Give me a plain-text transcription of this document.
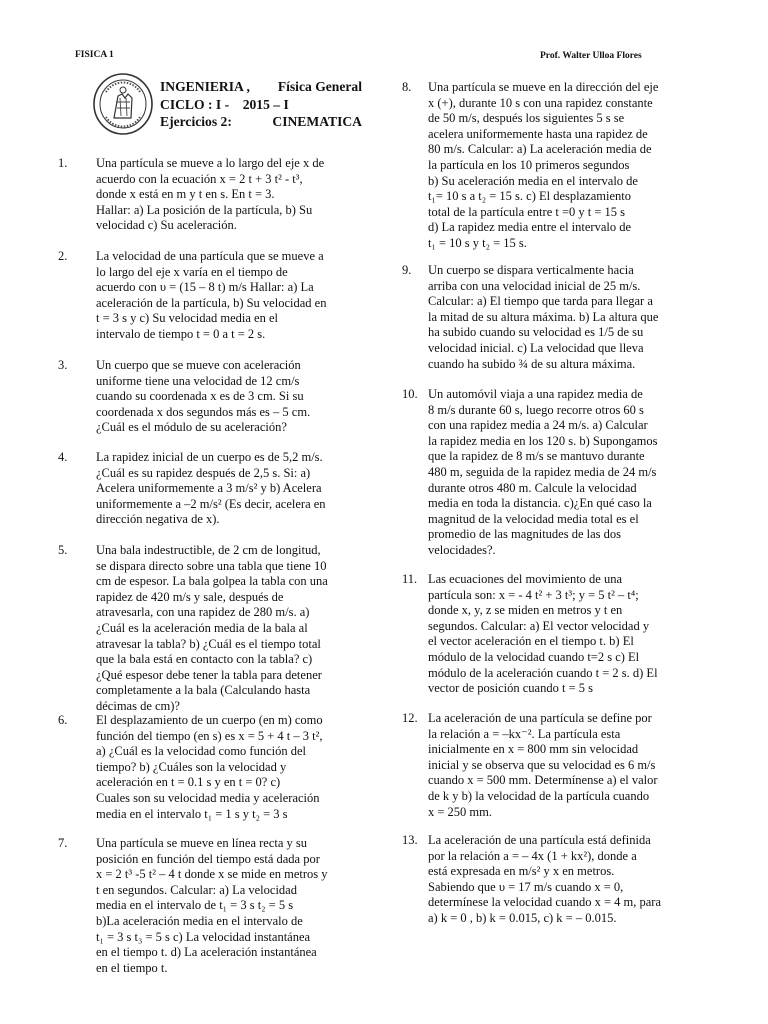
FISICA 1	Prof. Walter Ulloa Flores
INGENIERIA , Física General
CICLO : I -    2015 – I
Ejercicios 2:	CINEMATICA
1. Una partícula se mueve a lo largo del eje x de
acuerdo con la ecuación x = 2 t + 3 t² - t³,
donde x está en m y t en s. En t = 3.
Hallar: a) La posición de la partícula, b) Su
velocidad c) Su aceleración.
2. La velocidad de una partícula que se mueve a
lo largo del eje x varía en el tiempo de
acuerdo con υ = (15 – 8 t) m/s Hallar: a) La
aceleración de la partícula, b) Su velocidad en
t = 3 s y c) Su velocidad media en el
intervalo de tiempo t = 0 a t = 2 s.
3. Un cuerpo que se mueve con aceleración
uniforme tiene una velocidad de 12 cm/s
cuando su coordenada x es de 3 cm. Si su
coordenada x dos segundos más es – 5 cm.
¿Cuál es el módulo de su aceleración?
4. La rapidez inicial de un cuerpo es de 5,2 m/s.
¿Cuál es su rapidez después de 2,5 s. Si: a)
Acelera uniformemente a 3 m/s² y b) Acelera
uniformemente a –2 m/s² (Es decir, acelera en
dirección negativa de x).
5. Una bala indestructible, de 2 cm de longitud,
se dispara directo sobre una tabla que tiene 10
cm de espesor. La bala golpea la tabla con una
rapidez de 420 m/s y sale, después de
atravesarla, con una rapidez de 280 m/s. a)
¿Cuál es la aceleración media de la bala al
atravesar la tabla? b) ¿Cuál es el tiempo total
que la bala está en contacto con la tabla? c)
¿Qué espesor debe tener la tabla para detener
completamente a la bala (Calculando hasta
décimas de cm)?
6. El desplazamiento de un cuerpo (en m) como
función del tiempo (en s) es x = 5 + 4 t – 3 t²,
a) ¿Cuál es la velocidad como función del
tiempo? b) ¿Cuáles son la velocidad y
aceleración en t = 0.1 s y en t = 0? c)
Cuales son su velocidad media y aceleración
media en el intervalo t₁ = 1 s y t₂ = 3 s
7. Una partícula se mueve en línea recta y su
posición en función del tiempo está dada por
x = 2 t³ -5 t² – 4 t donde x se mide en metros y
t en segundos. Calcular: a) La velocidad
media en el intervalo de t₁ = 3 s t₂ = 5 s
b)La aceleración media en el intervalo de
t₁ = 3 s t₃ = 5 s c) La velocidad instantánea
en el tiempo t. d) La aceleración instantánea
en el tiempo t.
8. Una partícula se mueve en la dirección del eje
x (+), durante 10 s con una rapidez constante
de 50 m/s, después los siguientes 5 s se
acelera uniformemente hasta una rapidez de
80 m/s. Calcular: a) La aceleración media de
la partícula en los 10 primeros segundos
b) Su aceleración media en el intervalo de
t₁= 10 s a t₂ = 15 s. c) El desplazamiento
total de la partícula entre t =0 y t = 15 s
d) La rapidez media entre el intervalo de
t₁ = 10 s y t₂ = 15 s.
9. Un cuerpo se dispara verticalmente hacia
arriba con una velocidad inicial de 25 m/s.
Calcular: a) El tiempo que tarda para llegar a
la mitad de su altura máxima. b) La altura que
ha subido cuando su velocidad es 1/5 de su
velocidad inicial. c) La velocidad que lleva
cuando ha subido ¾ de su altura máxima.
10. Un automóvil viaja a una rapidez media de
8 m/s durante 60 s, luego recorre otros 60 s
con una rapidez media a 24 m/s. a) Calcular
la rapidez media en los 120 s. b) Supongamos
que la rapidez de 8 m/s se mantuvo durante
480 m, seguida de la rapidez media de 24 m/s
durante otros 480 m. Calcule la velocidad
media en toda la distancia. c)¿En qué caso la
magnitud de la velocidad media total es el
promedio de las magnitudes de las dos
velocidades?.
11. Las ecuaciones del movimiento de una
partícula son: x = - 4 t² + 3 t³; y = 5 t² – t⁴;
donde x, y, z se miden en metros y t en
segundos. Calcular: a) El vector velocidad y
el vector aceleración en el tiempo t. b) El
módulo de la velocidad cuando t=2 s c) El
módulo de la aceleración cuando t = 2 s. d) El
vector de posición cuando t = 5 s
12. La aceleración de una partícula se define por
la relación a = –kx⁻². La partícula esta
inicialmente en x = 800 mm sin velocidad
inicial y se observa que su velocidad es 6 m/s
cuando x = 500 mm. Determínense a) el valor
de k y b) la velocidad de la partícula cuando
x = 250 mm.
13. La aceleración de una partícula está definida
por la relación a = – 4x (1 + kx²), donde a
está expresada en m/s² y x en metros.
Sabiendo que υ = 17 m/s cuando x = 0,
determínese la velocidad cuando x = 4 m, para
a) k = 0 , b) k = 0.015, c) k = – 0.015.
